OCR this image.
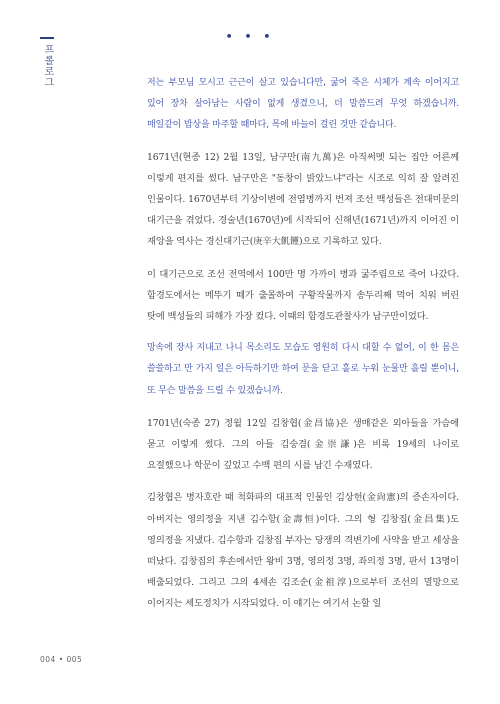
프롤로그
• • •

저는 부모님 모시고 근근이 살고 있습니다만, 굶어 죽은 시체가 계속 이어지고 있어 장차 살아남는 사람이 없게 생겼으니, 더 말씀드려 무엇 하겠습니까. 매일같이 밥상을 마주할 때마다, 목에 바늘이 걸린 것만 같습니다.

1671년(현종 12) 2월 13일, 남구만(南九萬)은 아직써멧 되는 집안 어른께 이렇게 편지를 썼다. 남구만은 "동창이 밝았느냐"라는 시조로 익히 잘 알려진 인물이다. 1670년부터 기상이변에 전염병까지 번져 조선 백성들은 전대미문의 대기근을 겪었다. 경술년(1670년)에 시작되어 신해년(1671년)까지 이어진 이 재앙을 역사는 경신대기근(庚辛大飢饉)으로 기록하고 있다.

이 대기근으로 조선 전역에서 100만 명 가까이 병과 굶주림으로 죽어 나갔다. 함경도에서는 메뚜기 떼가 출몰하여 구황작물까지 송두리째 먹어 치워 버린 탓에 백성들의 피해가 가장 컸다. 이때의 함경도관찰사가 남구만이었다.

망속에 장사 지내고 나니 목소리도 모습도 영원히 다시 대할 수 없어, 이 한 몸은 쓸쓸하고 만 가지 일은 아득하기만 하여 문을 닫고 홀로 누워 눈물만 흘릴 뿐이니, 또 무슨 말씀을 드릴 수 있겠습니까.

1701년(숙종 27) 정월 12일 김창협(金昌協)은 생매같은 외아들을 가슴에 묻고 이렇게 썼다. 그의 아들 김숭겸(金崇謙)은 비록 19세의 나이로 요절했으나 학문이 깊었고 수백 편의 시를 남긴 수재였다.

김창협은 병자호란 때 척화파의 대표적 인물인 김상헌(金尙憲)의 증손자이다. 아버지는 영의정을 지낸 김수항(金壽恒)이다. 그의 형 김창집(金昌集)도 영의정을 지냈다. 김수항과 김창집 부자는 당쟁의 격변기에 사약을 받고 세상을 떠났다. 김창집의 후손에서만 왕비 3명, 영의정 3명, 좌의정 3명, 판서 13명이 배출되었다. 그리고 그의 4세손 김조순(金祖淳)으로부터 조선의 멸망으로 이어지는 세도정치가 시작되었다. 이 얘기는 여기서 논할 일

004 • 005
